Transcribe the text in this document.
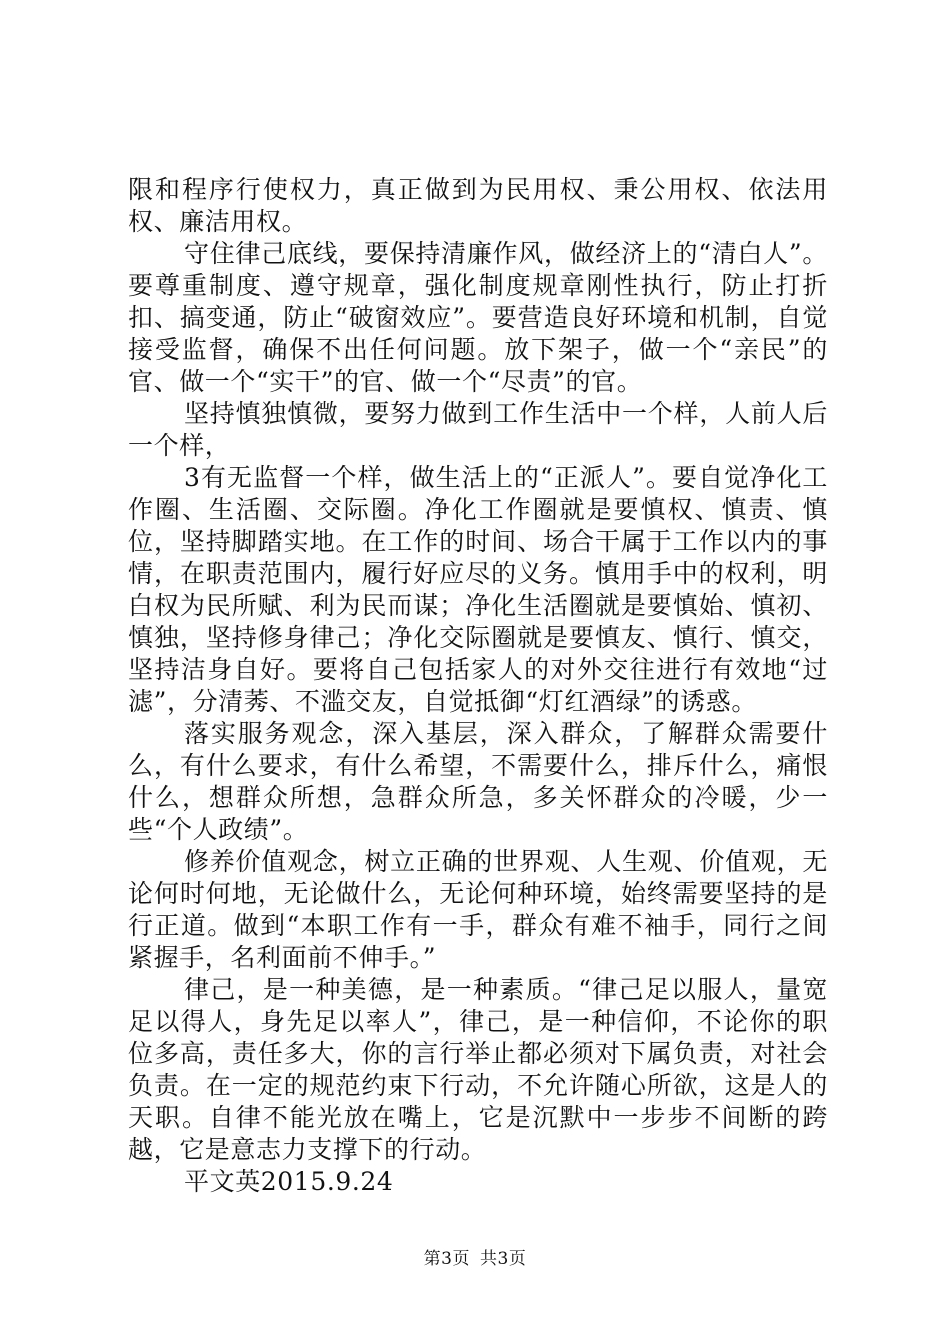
限和程序行使权力，真正做到为民用权、秉公用权、依法用权、廉洁用权。

守住律己底线，要保持清廉作风，做经济上的“清白人”。要尊重制度、遵守规章，强化制度规章刚性执行，防止打折扣、搞变通，防止“破窗效应”。要营造良好环境和机制，自觉接受监督，确保不出任何问题。放下架子，做一个“亲民”的官、做一个“实干”的官、做一个“尽责”的官。

坚持慎独慎微，要努力做到工作生活中一个样，人前人后一个样，

3有无监督一个样，做生活上的“正派人”。要自觉净化工作圈、生活圈、交际圈。净化工作圈就是要慎权、慎责、慎位，坚持脚踏实地。在工作的时间、场合干属于工作以内的事情，在职责范围内，履行好应尽的义务。慎用手中的权利，明白权为民所赋、利为民而谋；净化生活圈就是要慎始、慎初、慎独，坚持修身律己；净化交际圈就是要慎友、慎行、慎交，坚持洁身自好。要将自己包括家人的对外交往进行有效地“过滤”，分清莠、不滥交友，自觉抵御“灯红酒绿”的诱惑。

落实服务观念，深入基层，深入群众，了解群众需要什么，有什么要求，有什么希望，不需要什么，排斥什么，痛恨什么，想群众所想，急群众所急，多关怀群众的冷暖，少一些“个人政绩”。

修养价值观念，树立正确的世界观、人生观、价值观，无论何时何地，无论做什么，无论何种环境，始终需要坚持的是行正道。做到“本职工作有一手，群众有难不袖手，同行之间紧握手，名利面前不伸手。”

律己，是一种美德，是一种素质。“律己足以服人，量宽足以得人，身先足以率人”，律己，是一种信仰，不论你的职位多高，责任多大，你的言行举止都必须对下属负责，对社会负责。在一定的规范约束下行动，不允许随心所欲，这是人的天职。自律不能光放在嘴上，它是沉默中一步步不间断的跨越，它是意志力支撑下的行动。

平文英2015.9.24

第3页 共3页
